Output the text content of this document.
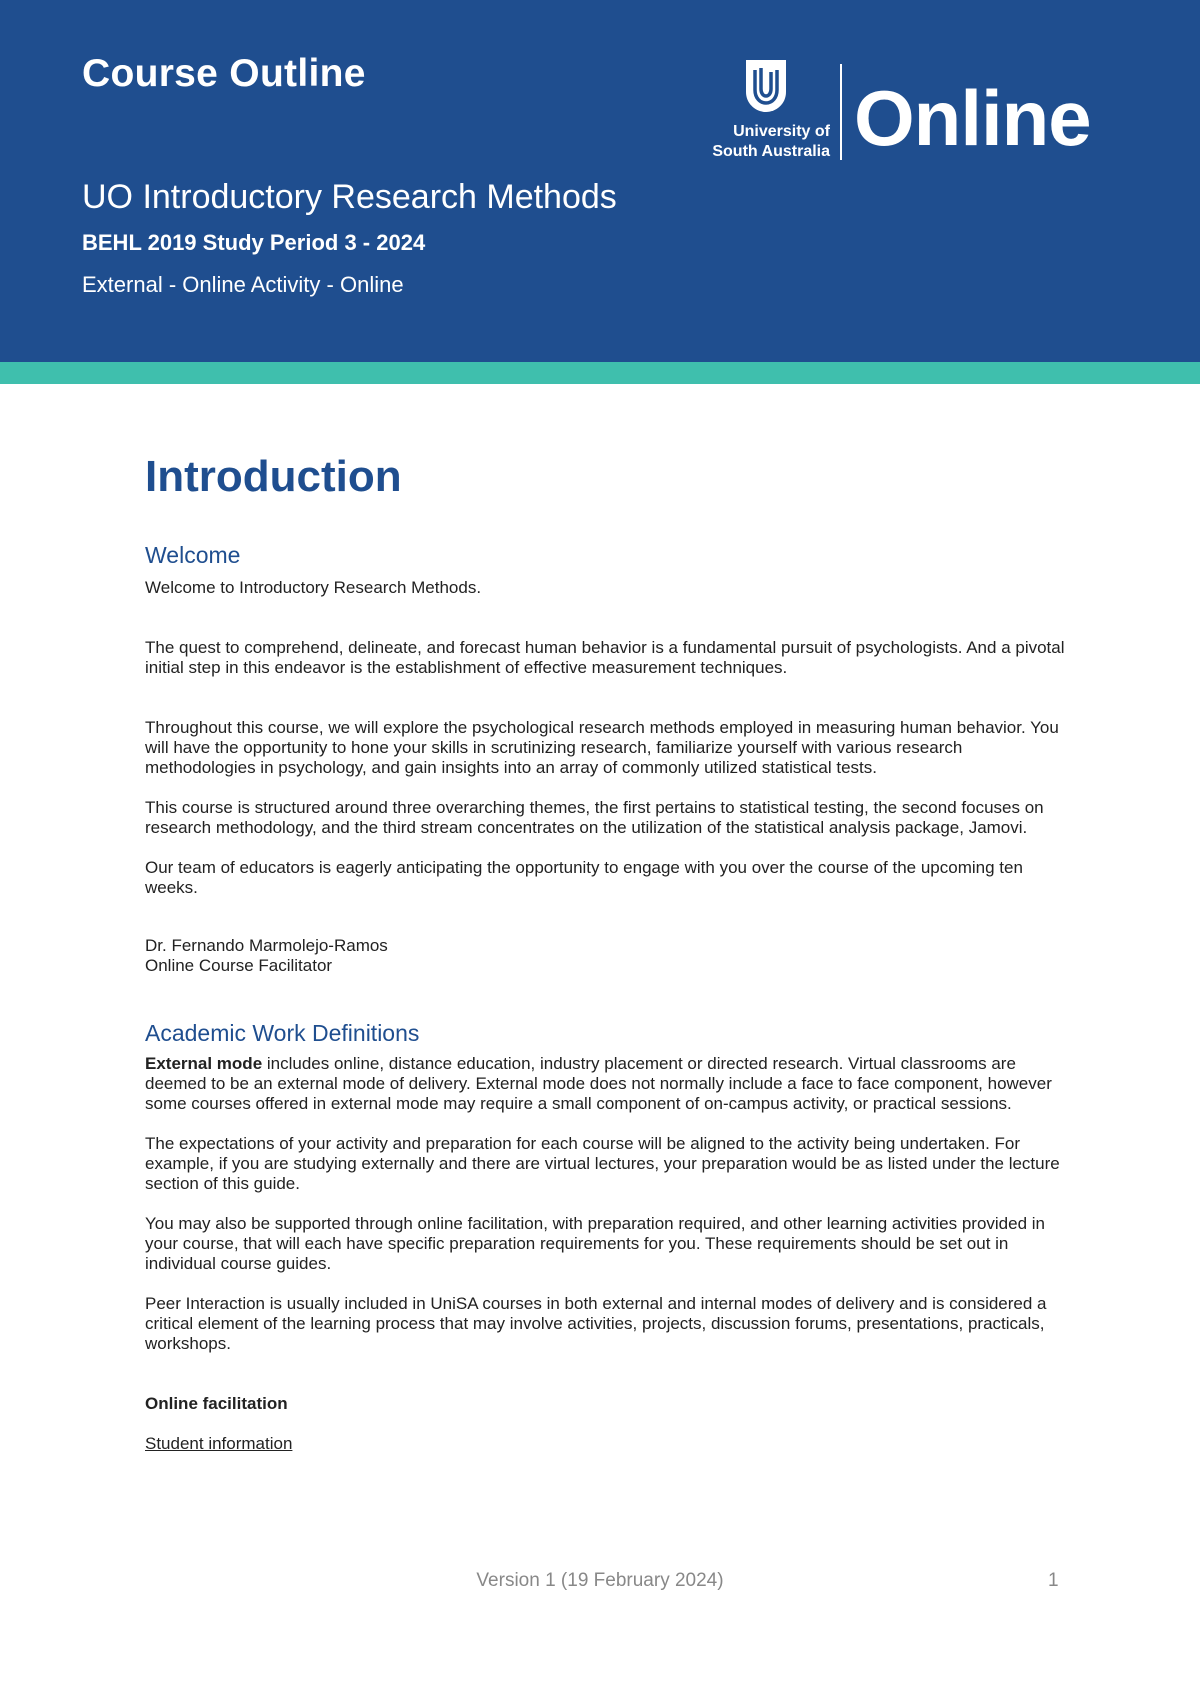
Course Outline
UO Introductory Research Methods
BEHL 2019 Study Period 3 - 2024
External - Online Activity - Online
University of
South Australia Online
Introduction
Welcome

Welcome to Introductory Research Methods.

The quest to comprehend, delineate, and forecast human behavior is a fundamental pursuit of psychologists. And a pivotal initial step in this endeavor is the establishment of effective measurement techniques.

Throughout this course, we will explore the psychological research methods employed in measuring human behavior. You will have the opportunity to hone your skills in scrutinizing research, familiarize yourself with various research methodologies in psychology, and gain insights into an array of commonly utilized statistical tests.

This course is structured around three overarching themes, the first pertains to statistical testing, the second focuses on research methodology, and the third stream concentrates on the utilization of the statistical analysis package, Jamovi.

Our team of educators is eagerly anticipating the opportunity to engage with you over the course of the upcoming ten weeks.

Dr. Fernando Marmolejo-Ramos

Online Course Facilitator

Academic Work Definitions

External mode includes online, distance education, industry placement or directed research. Virtual classrooms are deemed to be an external mode of delivery. External mode does not normally include a face to face component, however some courses offered in external mode may require a small component of on-campus activity, or practical sessions.

The expectations of your activity and preparation for each course will be aligned to the activity being undertaken. For example, if you are studying externally and there are virtual lectures, your preparation would be as listed under the lecture section of this guide.

You may also be supported through online facilitation, with preparation required, and other learning activities provided in your course, that will each have specific preparation requirements for you. These requirements should be set out in individual course guides.

Peer Interaction is usually included in UniSA courses in both external and internal modes of delivery and is considered a critical element of the learning process that may involve activities, projects, discussion forums, presentations, practicals, workshops.

Online facilitation

Student information

Version 1 (19 February 2024)	1
